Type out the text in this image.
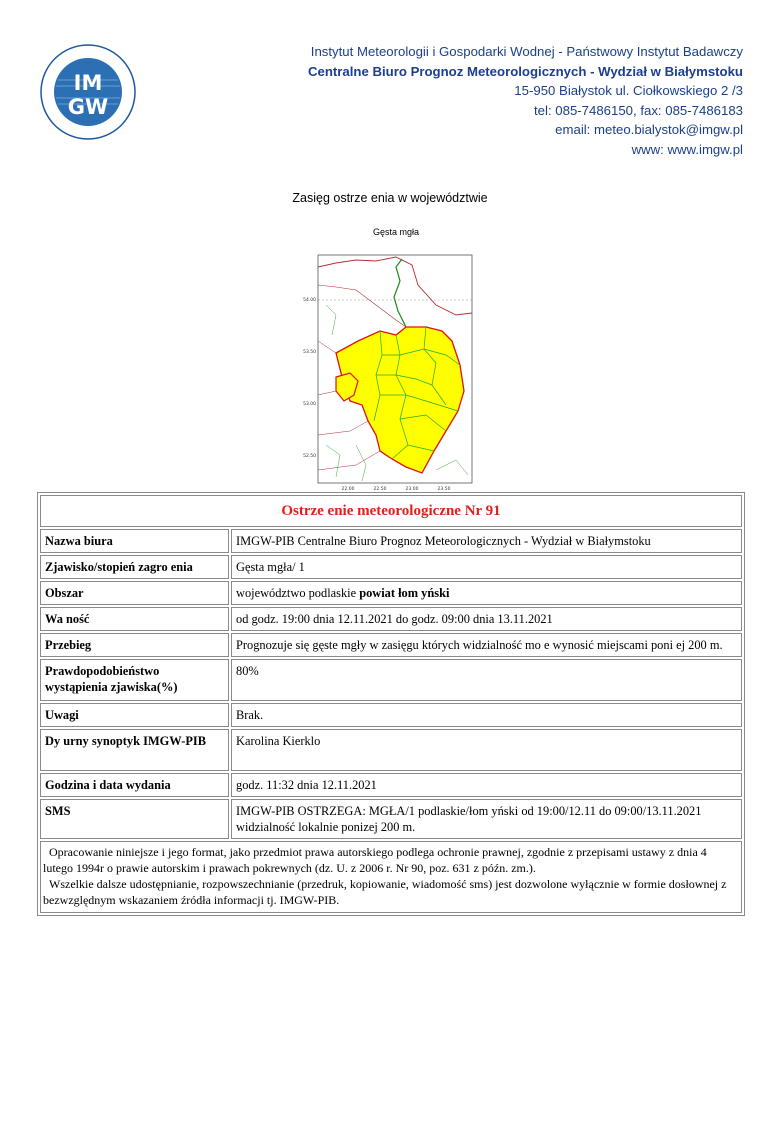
IM
GW
Instytut Meteorologii i Gospodarki Wodnej - Państwowy Instytut Badawczy
Centralne Biuro Prognoz Meteorologicznych - Wydział w Białymstoku
15-950 Białystok ul. Ciołkowskiego 2 /3
tel: 085-7486150, fax: 085-7486183
email: meteo.bialystok@imgw.pl
www: www.imgw.pl
Zasięg ostrze enia w województwie
Gęsta mgła
54.00
53.50
53.00
52.50
22.00	22.50	23.00	23.50
Ostrze enie meteorologiczne Nr 91	
Nazwa biura	IMGW-PIB Centralne Biuro Prognoz Meteorologicznych - Wydział w Białymstoku
Zjawisko/stopień zagro enia	Gęsta mgła/ 1
Obszar	województwo podlaskie powiat łom yński
Wa ność	od godz. 19:00 dnia 12.11.2021 do godz. 09:00 dnia 13.11.2021
Przebieg	Prognozuje się gęste mgły w zasięgu których widzialność mo e wynosić miejscami poni ej 200 m.
Prawdopodobieństwo wystąpienia zjawiska(%)	80%
Uwagi	Brak.
Dy urny synoptyk IMGW-PIB	Karolina Kierklo
Godzina i data wydania	godz. 11:32 dnia 12.11.2021
SMS	IMGW-PIB OSTRZEGA: MGŁA/1 podlaskie/łom yński od 19:00/12.11 do 09:00/13.11.2021 widzialność lokalnie ponizej 200 m.

Opracowanie niniejsze i jego format, jako przedmiot prawa autorskiego podlega ochronie prawnej, zgodnie z przepisami ustawy z dnia 4 lutego 1994r o prawie autorskim i prawach pokrewnych (dz. U. z 2006 r. Nr 90, poz. 631 z późn. zm.).

Wszelkie dalsze udostępnianie, rozpowszechnianie (przedruk, kopiowanie, wiadomość sms) jest dozwolone wyłącznie w formie dosłownej z bezwzględnym wskazaniem źródła informacji tj. IMGW-PIB.	
